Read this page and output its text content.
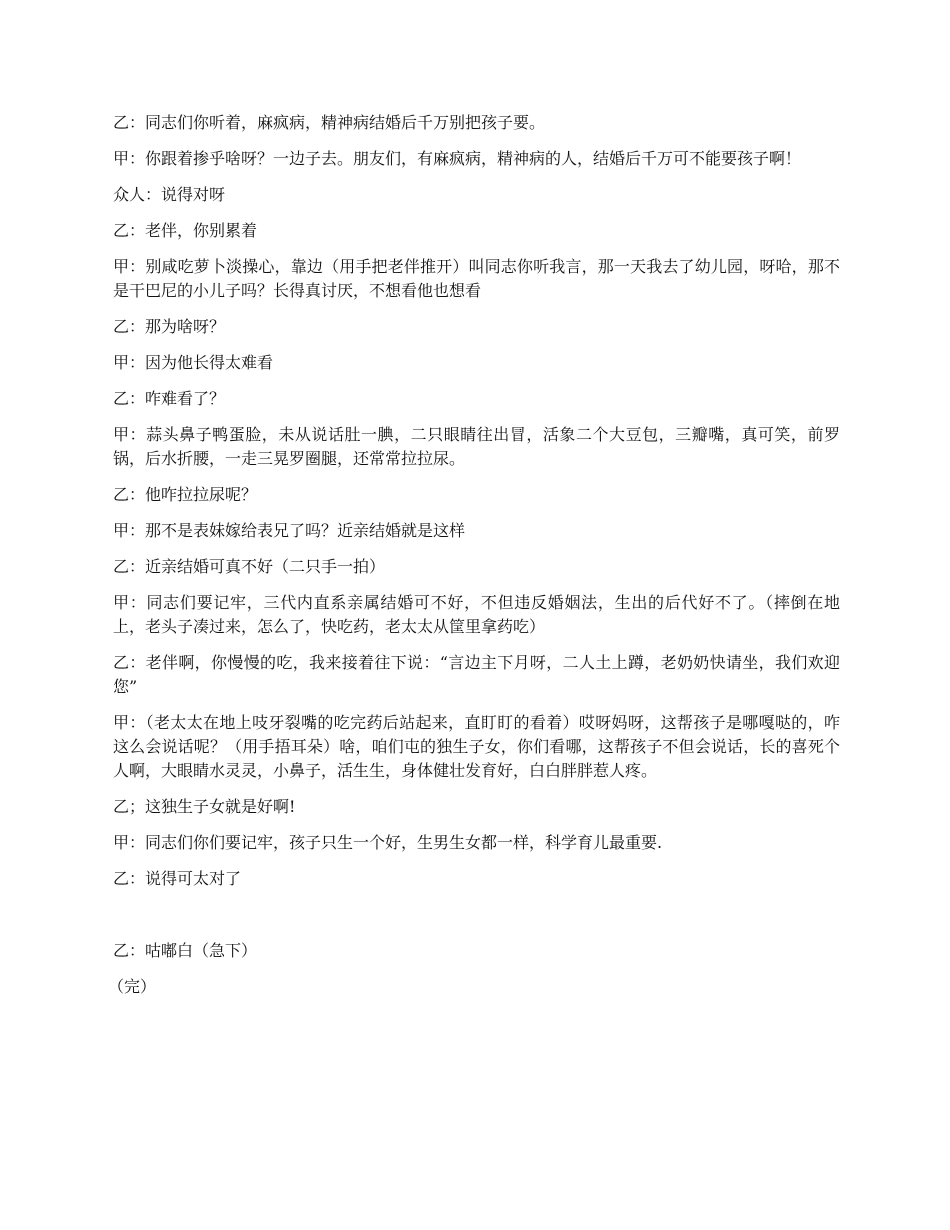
乙：同志们你听着，麻疯病，精神病结婚后千万别把孩子要。

甲：你跟着掺乎啥呀？一边子去。朋友们，有麻疯病，精神病的人，结婚后千万可不能要孩子啊！

众人：说得对呀

乙：老伴，你别累着

甲：别咸吃萝卜淡操心，靠边（用手把老伴推开）叫同志你听我言，那一天我去了幼儿园，呀哈，那不是干巴尼的小儿子吗？长得真讨厌，不想看他也想看

乙：那为啥呀？

甲：因为他长得太难看

乙：咋难看了？

甲：蒜头鼻子鸭蛋脸，未从说话肚一腆，二只眼睛往出冒，活象二个大豆包，三瓣嘴，真可笑，前罗锅，后水折腰，一走三晃罗圈腿，还常常拉拉尿。

乙：他咋拉拉尿呢？

甲：那不是表妹嫁给表兄了吗？近亲结婚就是这样

乙：近亲结婚可真不好（二只手一拍）

甲：同志们要记牢，三代内直系亲属结婚可不好，不但违反婚姻法，生出的后代好不了。（摔倒在地上，老头子凑过来，怎么了，快吃药，老太太从筐里拿药吃）

乙：老伴啊，你慢慢的吃，我来接着往下说：“言边主下月呀，二人土上蹲，老奶奶快请坐，我们欢迎您”

甲：（老太太在地上吱牙裂嘴的吃完药后站起来，直盯盯的看着）哎呀妈呀，这帮孩子是哪嘎哒的，咋这么会说话呢？（用手捂耳朵）啥，咱们屯的独生子女，你们看哪，这帮孩子不但会说话，长的喜死个人啊，大眼睛水灵灵，小鼻子，活生生，身体健壮发育好，白白胖胖惹人疼。

乙；这独生子女就是好啊!

甲：同志们你们要记牢，孩子只生一个好，生男生女都一样，科学育儿最重要.

乙：说得可太对了

乙：咕嘟白（急下）

（完）
